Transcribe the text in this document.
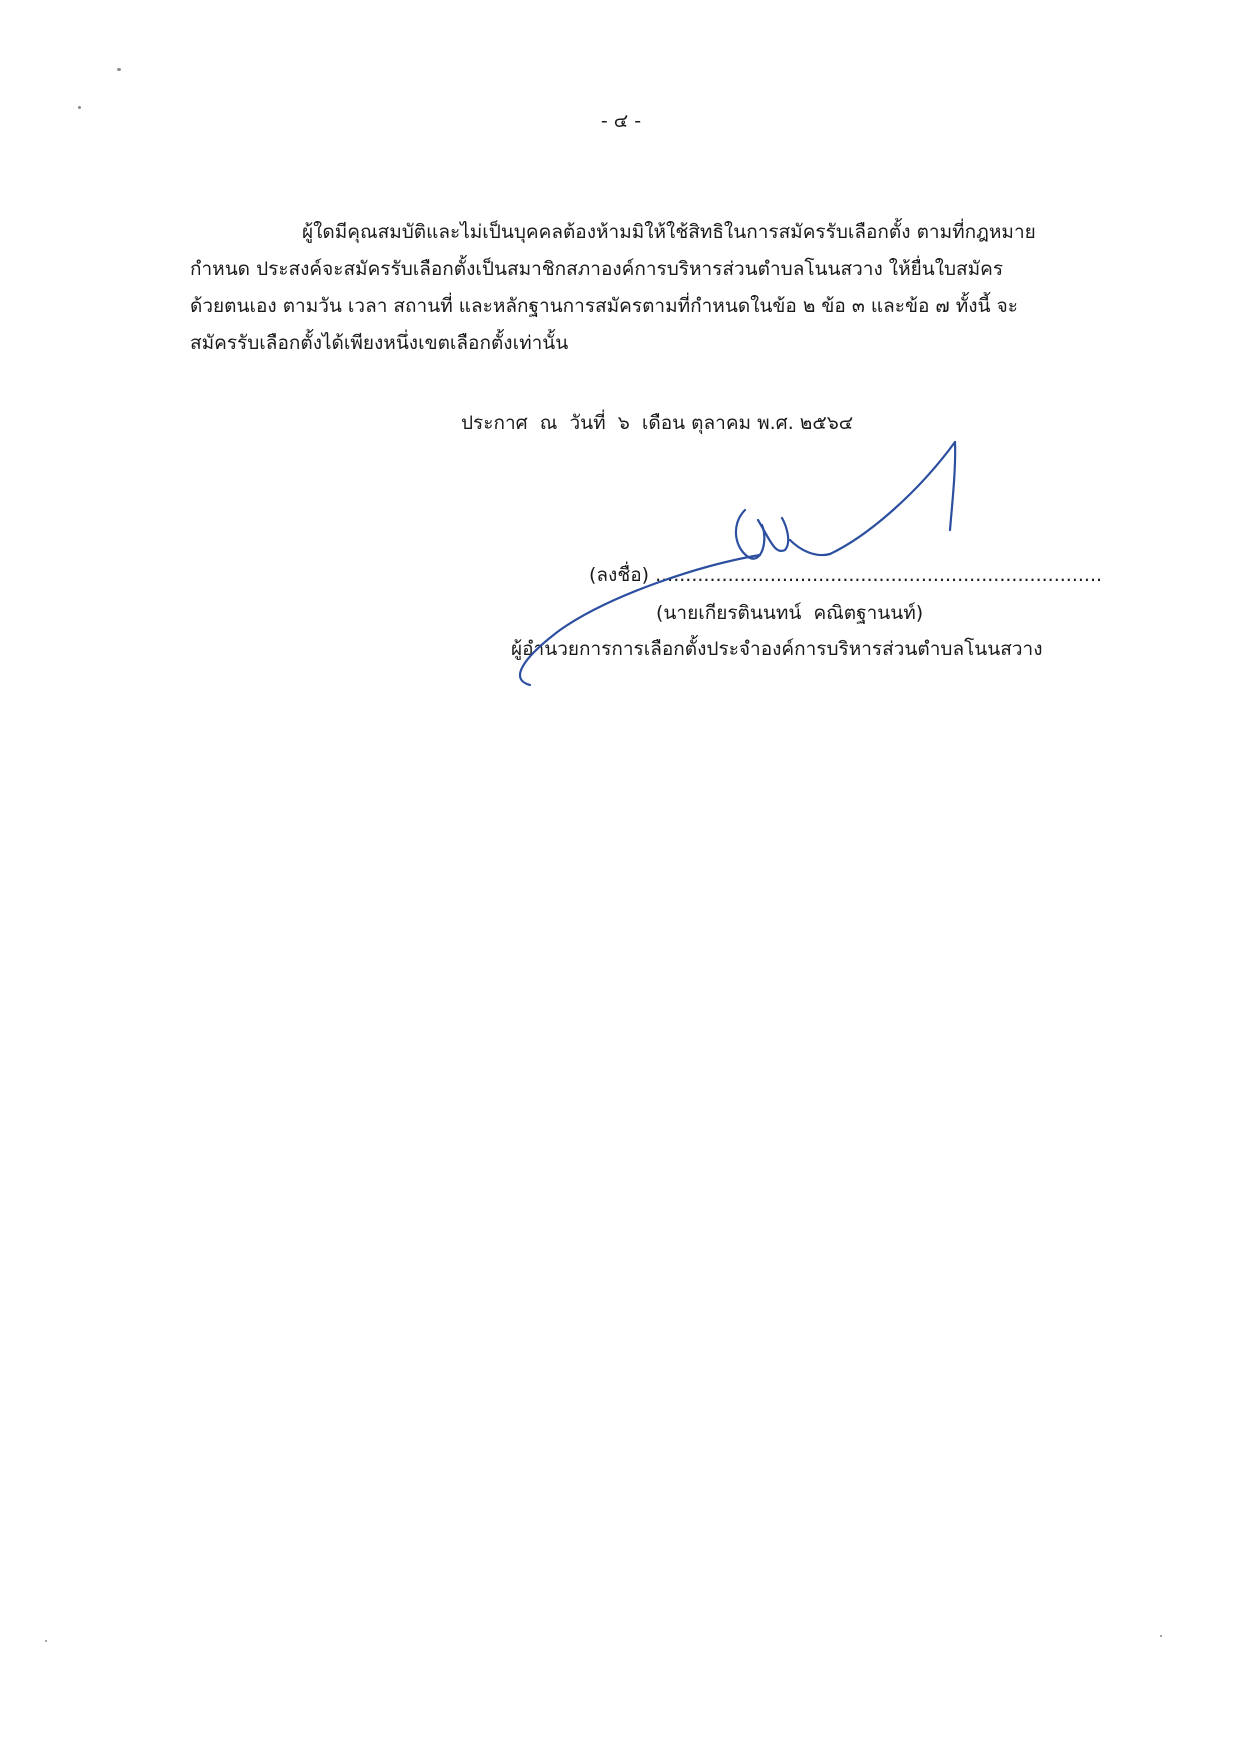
- ๔ -

ผู้ใดมีคุณสมบัติและไม่เป็นบุคคลต้องห้ามมิให้ใช้สิทธิในการสมัครรับเลือกตั้ง ตามที่กฎหมาย
กำหนด ประสงค์จะสมัครรับเลือกตั้งเป็นสมาชิกสภาองค์การบริหารส่วนตำบลโนนสวาง ให้ยื่นใบสมัคร
ด้วยตนเอง ตามวัน เวลา สถานที่ และหลักฐานการสมัครตามที่กำหนดในข้อ ๒ ข้อ ๓ และข้อ ๗ ทั้งนี้ จะ
สมัครรับเลือกตั้งได้เพียงหนึ่งเขตเลือกตั้งเท่านั้น

ประกาศ  ณ  วันที่  ๖  เดือน ตุลาคม พ.ศ. ๒๕๖๔
(ลงชื่อ) ..........................................................................
(นายเกียรตินนทน์  คณิตฐานนท์)
ผู้อำนวยการการเลือกตั้งประจำองค์การบริหารส่วนตำบลโนนสวาง
